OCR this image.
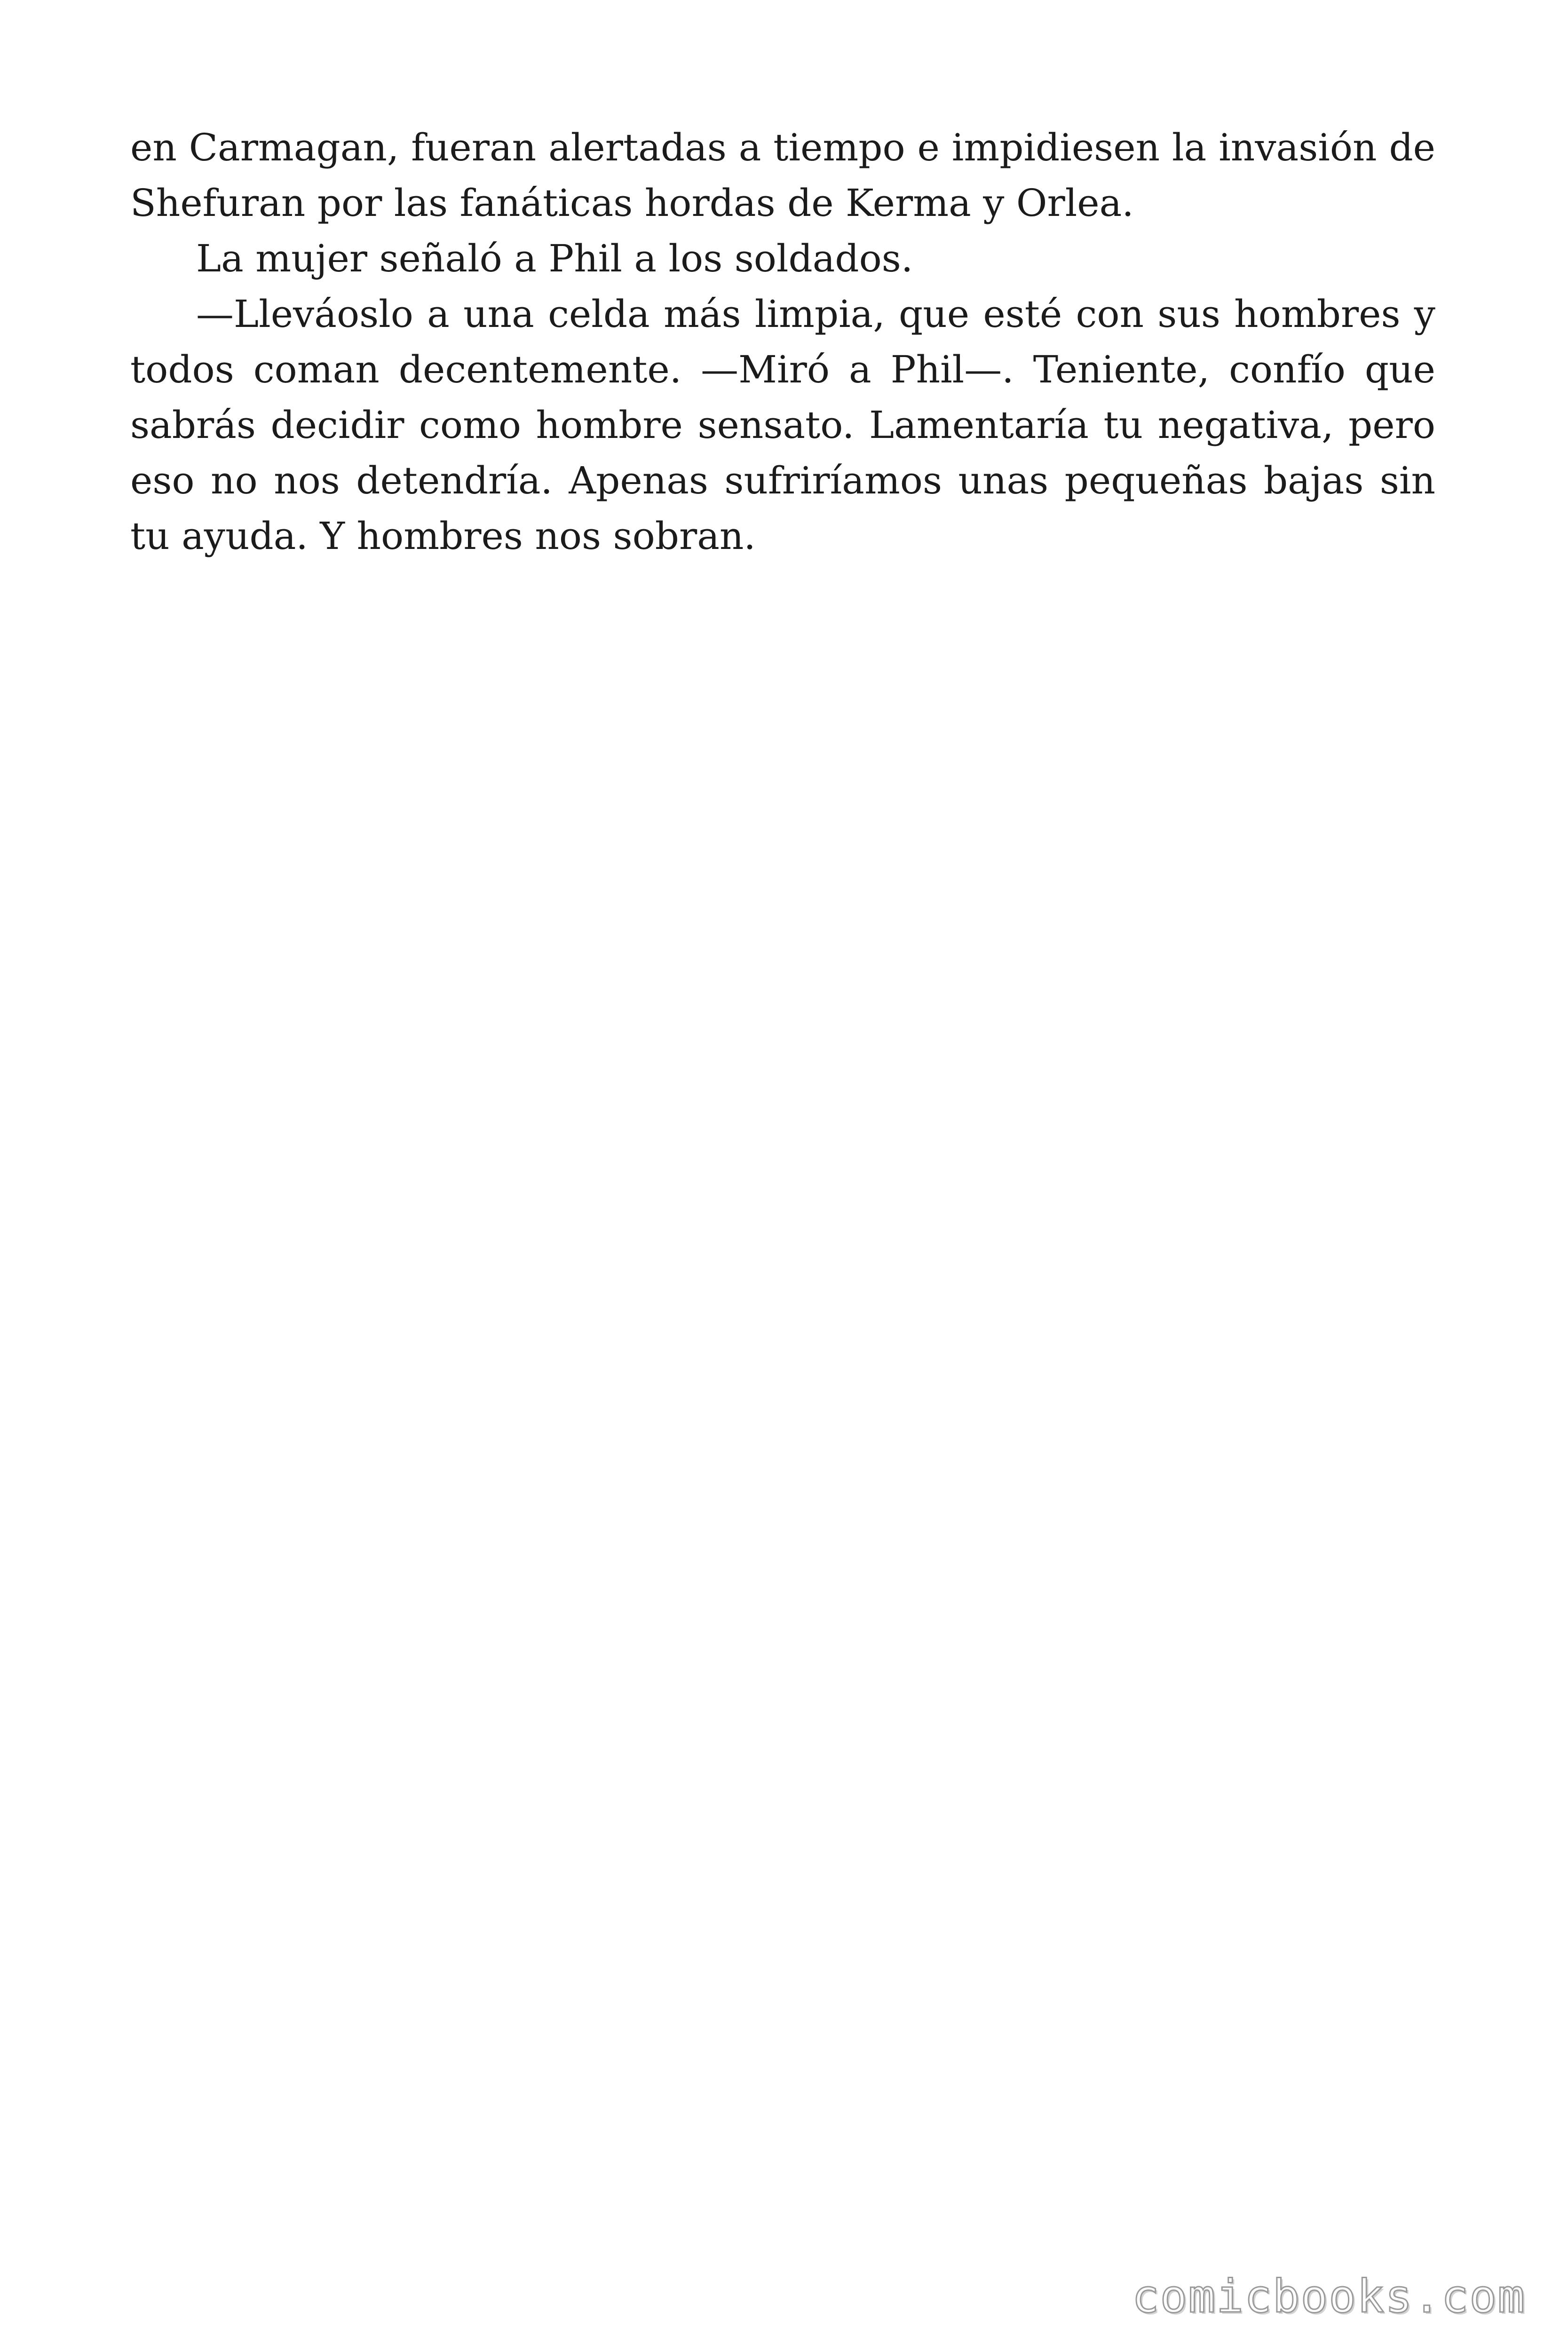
en Carmagan, fueran alertadas a tiempo e impidiesen la invasión de Shefuran por las fanáticas hordas de Kerma y Orlea.

La mujer señaló a Phil a los soldados.

—Lleváoslo a una celda más limpia, que esté con sus hombres y todos coman decentemente. —Miró a Phil—. Teniente, confío que sabrás decidir como hombre sensato. Lamentaría tu negativa, pero eso no nos detendría. Apenas sufriríamos unas pequeñas bajas sin tu ayuda. Y hombres nos sobran.

comicbooks.com
